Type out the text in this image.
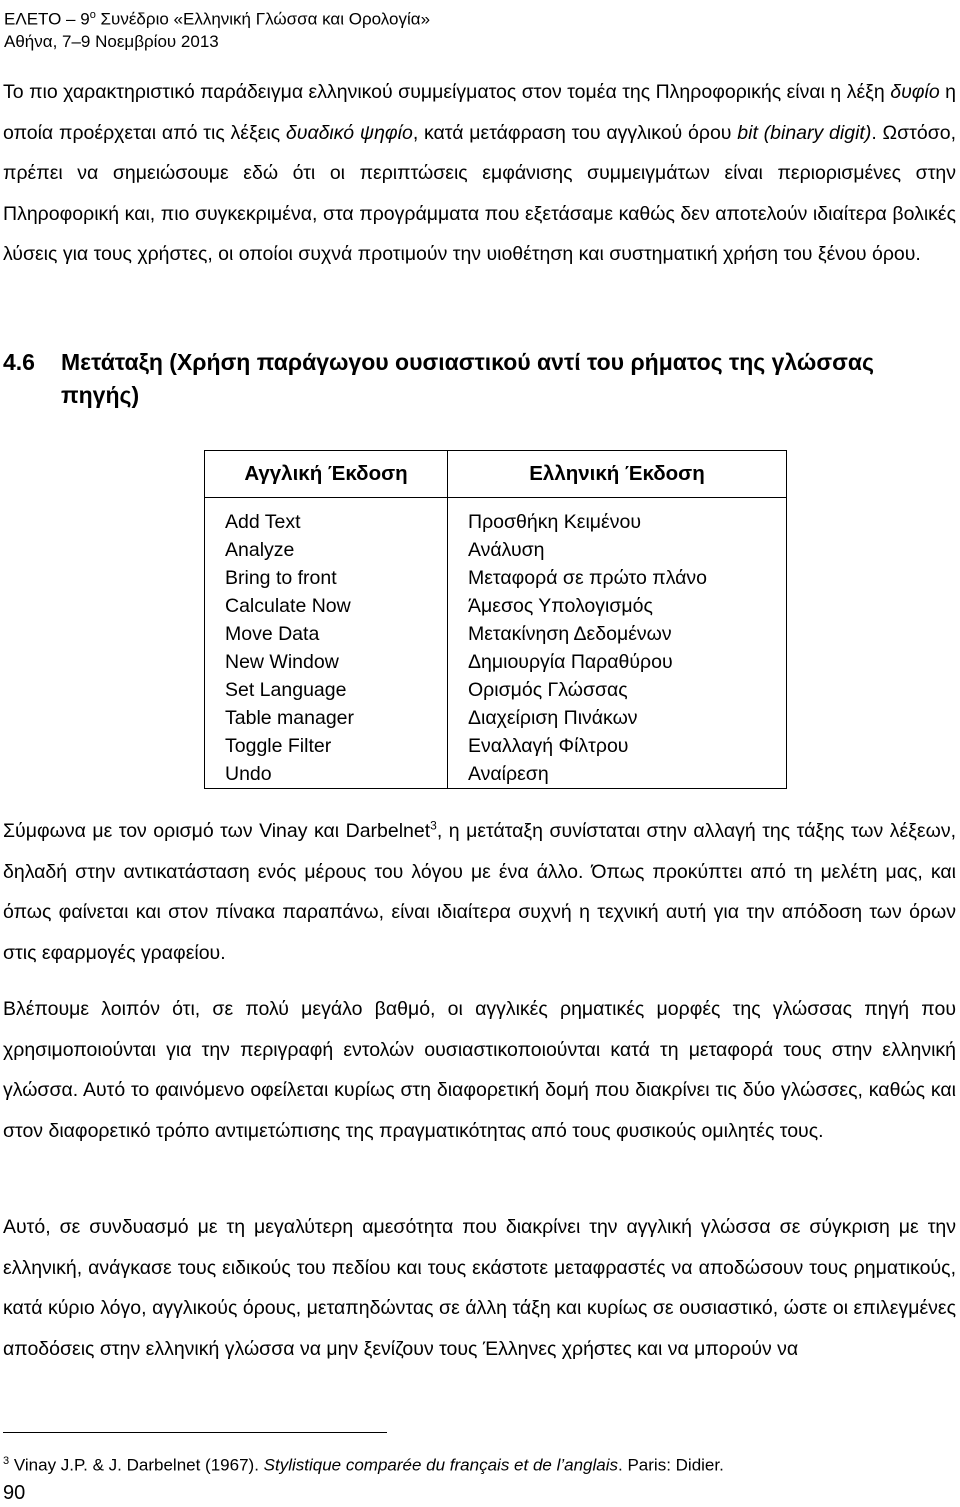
ΕΛΕΤΟ – $9^o$ Συνέδριο «Ελληνική Γλώσσα και Ορολογία»
Αθήνα, 7–9 Νοεμβρίου 2013

Το πιο χαρακτηριστικό παράδειγμα ελληνικού συμμείγματος στον τομέα της Πληροφορικής είναι η λέξη δυφίο η οποία προέρχεται από τις λέξεις δυαδικό ψηφίο, κατά μετάφραση του αγγλικού όρου bit (binary digit). Ωστόσο, πρέπει να σημειώσουμε εδώ ότι οι περιπτώσεις εμφάνισης συμμειγμάτων είναι περιορισμένες στην Πληροφορική και, πιο συγκεκριμένα, στα προγράμματα που εξετάσαμε καθώς δεν αποτελούν ιδιαίτερα βολικές λύσεις για τους χρήστες, οι οποίοι συχνά προτιμούν την υιοθέτηση και συστηματική χρήση του ξένου όρου.

4.6	Μετάταξη (Χρήση παράγωγου ουσιαστικού αντί του ρήματος της γλώσσας πηγής)
Αγγλική Έκδοση	Ελληνική Έκδοση
Add Text	Προσθήκη Κειμένου
Analyze	Ανάλυση
Bring to front	Μεταφορά σε πρώτο πλάνο
Calculate Now	Άμεσος Υπολογισμός
Move Data	Μετακίνηση Δεδομένων
New Window	Δημιουργία Παραθύρου
Set Language	Ορισμός Γλώσσας
Table manager	Διαχείριση Πινάκων
Toggle Filter	Εναλλαγή Φίλτρου
Undo	Αναίρεση

Σύμφωνα με τον ορισμό των Vinay και Darbelnet$^3$, η μετάταξη συνίσταται στην αλλαγή της τάξης των λέξεων, δηλαδή στην αντικατάσταση ενός μέρους του λόγου με ένα άλλο. Όπως προκύπτει από τη μελέτη μας, και όπως φαίνεται και στον πίνακα παραπάνω, είναι ιδιαίτερα συχνή η τεχνική αυτή για την απόδοση των όρων στις εφαρμογές γραφείου.

Βλέπουμε λοιπόν ότι, σε πολύ μεγάλο βαθμό, οι αγγλικές ρηματικές μορφές της γλώσσας πηγή που χρησιμοποιούνται για την περιγραφή εντολών ουσιαστικοποιούνται κατά τη μεταφορά τους στην ελληνική γλώσσα. Αυτό το φαινόμενο οφείλεται κυρίως στη διαφορετική δομή που διακρίνει τις δύο γλώσσες, καθώς και στον διαφορετικό τρόπο αντιμετώπισης της πραγματικότητας από τους φυσικούς ομιλητές τους.

Αυτό, σε συνδυασμό με τη μεγαλύτερη αμεσότητα που διακρίνει την αγγλική γλώσσα σε σύγκριση με την ελληνική, ανάγκασε τους ειδικούς του πεδίου και τους εκάστοτε μεταφραστές να αποδώσουν τους ρηματικούς, κατά κύριο λόγο, αγγλικούς όρους, μεταπηδώντας σε άλλη τάξη και κυρίως σε ουσιαστικό, ώστε οι επιλεγμένες αποδόσεις στην ελληνική γλώσσα να μην ξενίζουν τους Έλληνες χρήστες και να μπορούν να

$^3$ Vinay J.P. & J. Darbelnet (1967). Stylistique comparée du français et de l’anglais. Paris: Didier.
90
